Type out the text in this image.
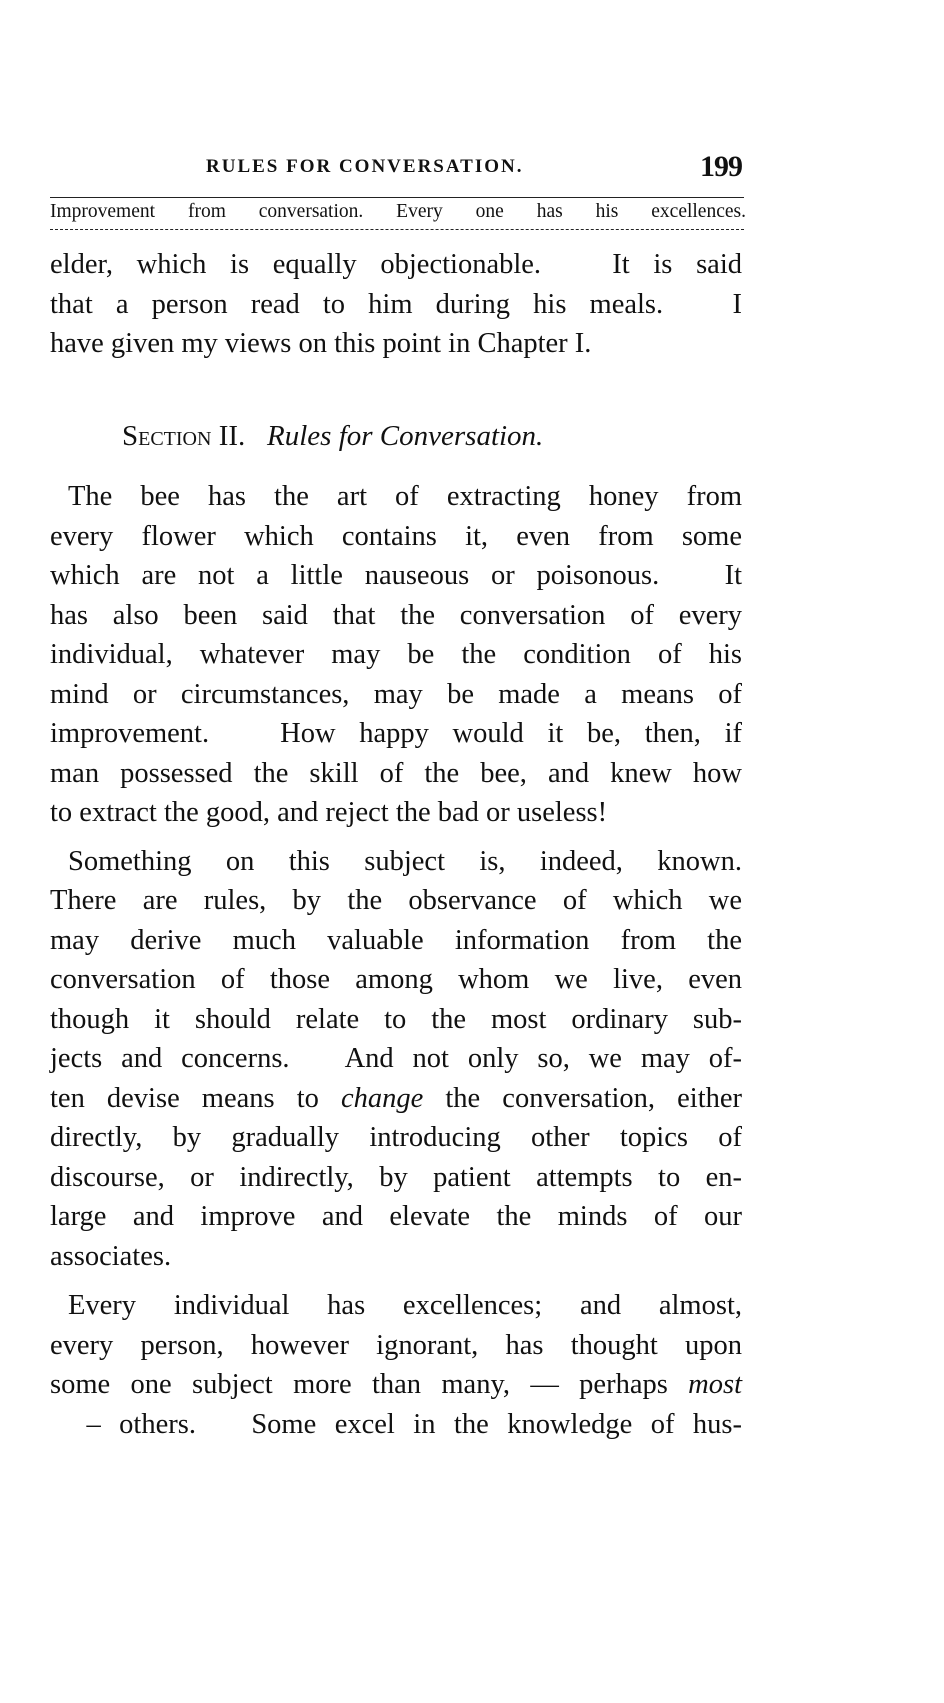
RULES FOR CONVERSATION.	199
Improvement from conversation. Every one has his excellences.
Section II. Rules for Conversation.
elder, which is equally objectionable.   It is said
that a person read to him during his meals.   I
have given my views on this point in Chapter I.
The bee has the art of extracting honey from
every flower which contains it, even from some
which are not a little nauseous or poisonous.   It
has also been said that the conversation of every
individual, whatever may be the condition of his
mind or circumstances, may be made a means of
improvement.   How happy would it be, then, if
man possessed the skill of the bee, and knew how
to extract the good, and reject the bad or useless!
Something on this subject is, indeed, known.
There are rules, by the observance of which we
may derive much valuable information from the
conversation of those among whom we live, even
though it should relate to the most ordinary sub-
jects and concerns.   And not only so, we may of-
ten devise means to change the conversation, either
directly, by gradually introducing other topics of
discourse, or indirectly, by patient attempts to en-
large and improve and elevate the minds of our
associates.
Every individual has excellences; and almost,
every person, however ignorant, has thought upon
some one subject more than many, — perhaps most
– others.   Some excel in the knowledge of hus-
